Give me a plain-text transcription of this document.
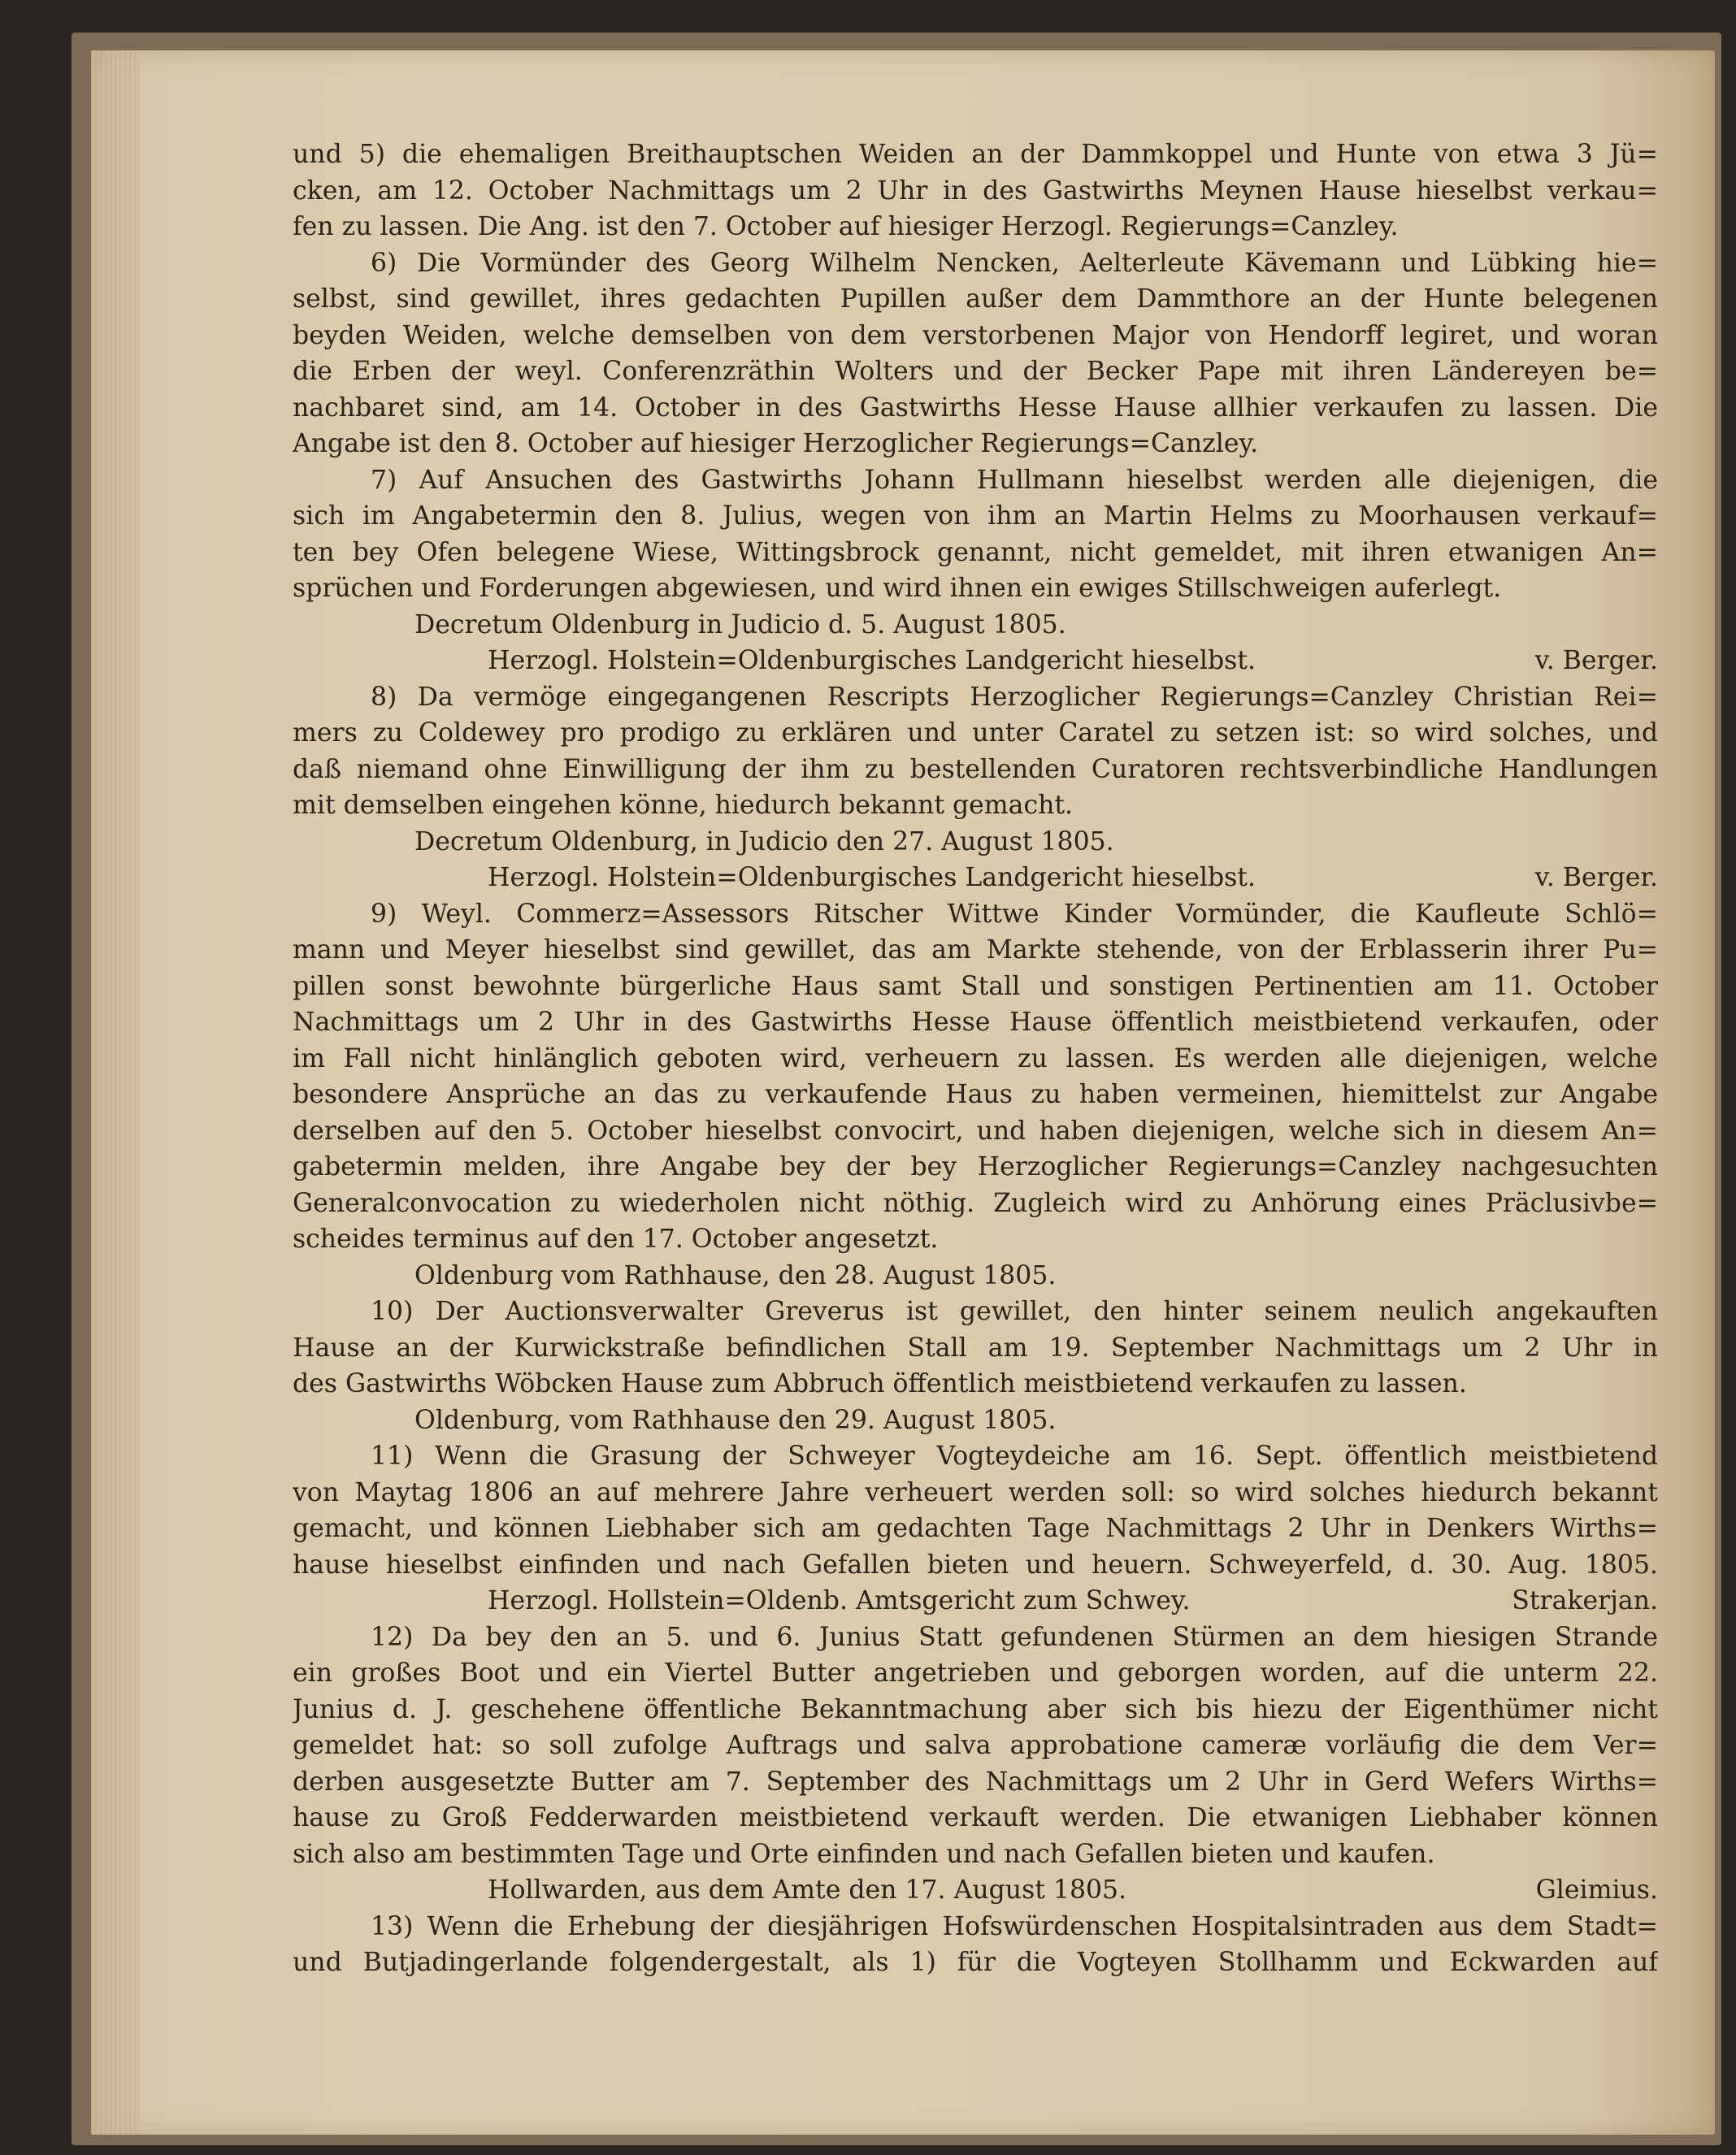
und 5) die ehemaligen Breithauptschen Weiden an der Dammkoppel und Hunte von etwa 3 Jü=
cken, am 12. October Nachmittags um 2 Uhr in des Gastwirths Meynen Hause hieselbst verkau=
fen zu lassen. Die Ang. ist den 7. October auf hiesiger Herzogl. Regierungs=Canzley.
6) Die Vormünder des Georg Wilhelm Nencken, Aelterleute Kävemann und Lübking hie=
selbst, sind gewillet, ihres gedachten Pupillen außer dem Dammthore an der Hunte belegenen
beyden Weiden, welche demselben von dem verstorbenen Major von Hendorff legiret, und woran
die Erben der weyl. Conferenzräthin Wolters und der Becker Pape mit ihren Ländereyen be=
nachbaret sind, am 14. October in des Gastwirths Hesse Hause allhier verkaufen zu lassen. Die
Angabe ist den 8. October auf hiesiger Herzoglicher Regierungs=Canzley.
7) Auf Ansuchen des Gastwirths Johann Hullmann hieselbst werden alle diejenigen, die
sich im Angabetermin den 8. Julius, wegen von ihm an Martin Helms zu Moorhausen verkauf=
ten bey Ofen belegene Wiese, Wittingsbrock genannt, nicht gemeldet, mit ihren etwanigen An=
sprüchen und Forderungen abgewiesen, und wird ihnen ein ewiges Stillschweigen auferlegt.
Decretum Oldenburg in Judicio d. 5. August 1805.
Herzogl. Holstein=Oldenburgisches Landgericht hieselbst.	v. Berger.
8) Da vermöge eingegangenen Rescripts Herzoglicher Regierungs=Canzley Christian Rei=
mers zu Coldewey pro prodigo zu erklären und unter Caratel zu setzen ist: so wird solches, und
daß niemand ohne Einwilligung der ihm zu bestellenden Curatoren rechtsverbindliche Handlungen
mit demselben eingehen könne, hiedurch bekannt gemacht.
Decretum Oldenburg, in Judicio den 27. August 1805.
Herzogl. Holstein=Oldenburgisches Landgericht hieselbst.	v. Berger.
9) Weyl. Commerz=Assessors Ritscher Wittwe Kinder Vormünder, die Kaufleute Schlö=
mann und Meyer hieselbst sind gewillet, das am Markte stehende, von der Erblasserin ihrer Pu=
pillen sonst bewohnte bürgerliche Haus samt Stall und sonstigen Pertinentien am 11. October
Nachmittags um 2 Uhr in des Gastwirths Hesse Hause öffentlich meistbietend verkaufen, oder
im Fall nicht hinlänglich geboten wird, verheuern zu lassen. Es werden alle diejenigen, welche
besondere Ansprüche an das zu verkaufende Haus zu haben vermeinen, hiemittelst zur Angabe
derselben auf den 5. October hieselbst convocirt, und haben diejenigen, welche sich in diesem An=
gabetermin melden, ihre Angabe bey der bey Herzoglicher Regierungs=Canzley nachgesuchten
Generalconvocation zu wiederholen nicht nöthig. Zugleich wird zu Anhörung eines Präclusivbe=
scheides terminus auf den 17. October angesetzt.
Oldenburg vom Rathhause, den 28. August 1805.
10) Der Auctionsverwalter Greverus ist gewillet, den hinter seinem neulich angekauften
Hause an der Kurwickstraße befindlichen Stall am 19. September Nachmittags um 2 Uhr in
des Gastwirths Wöbcken Hause zum Abbruch öffentlich meistbietend verkaufen zu lassen.
Oldenburg, vom Rathhause den 29. August 1805.
11) Wenn die Grasung der Schweyer Vogteydeiche am 16. Sept. öffentlich meistbietend
von Maytag 1806 an auf mehrere Jahre verheuert werden soll: so wird solches hiedurch bekannt
gemacht, und können Liebhaber sich am gedachten Tage Nachmittags 2 Uhr in Denkers Wirths=
hause hieselbst einfinden und nach Gefallen bieten und heuern. Schweyerfeld, d. 30. Aug. 1805.
Herzogl. Hollstein=Oldenb. Amtsgericht zum Schwey.	Strakerjan.
12) Da bey den an 5. und 6. Junius Statt gefundenen Stürmen an dem hiesigen Strande
ein großes Boot und ein Viertel Butter angetrieben und geborgen worden, auf die unterm 22.
Junius d. J. geschehene öffentliche Bekanntmachung aber sich bis hiezu der Eigenthümer nicht
gemeldet hat: so soll zufolge Auftrags und salva approbatione cameræ vorläufig die dem Ver=
derben ausgesetzte Butter am 7. September des Nachmittags um 2 Uhr in Gerd Wefers Wirths=
hause zu Groß Fedderwarden meistbietend verkauft werden. Die etwanigen Liebhaber können
sich also am bestimmten Tage und Orte einfinden und nach Gefallen bieten und kaufen.
Hollwarden, aus dem Amte den 17. August 1805.	Gleimius.
13) Wenn die Erhebung der diesjährigen Hofswürdenschen Hospitalsintraden aus dem Stadt=
und Butjadingerlande folgendergestalt, als 1) für die Vogteyen Stollhamm und Eckwarden auf
